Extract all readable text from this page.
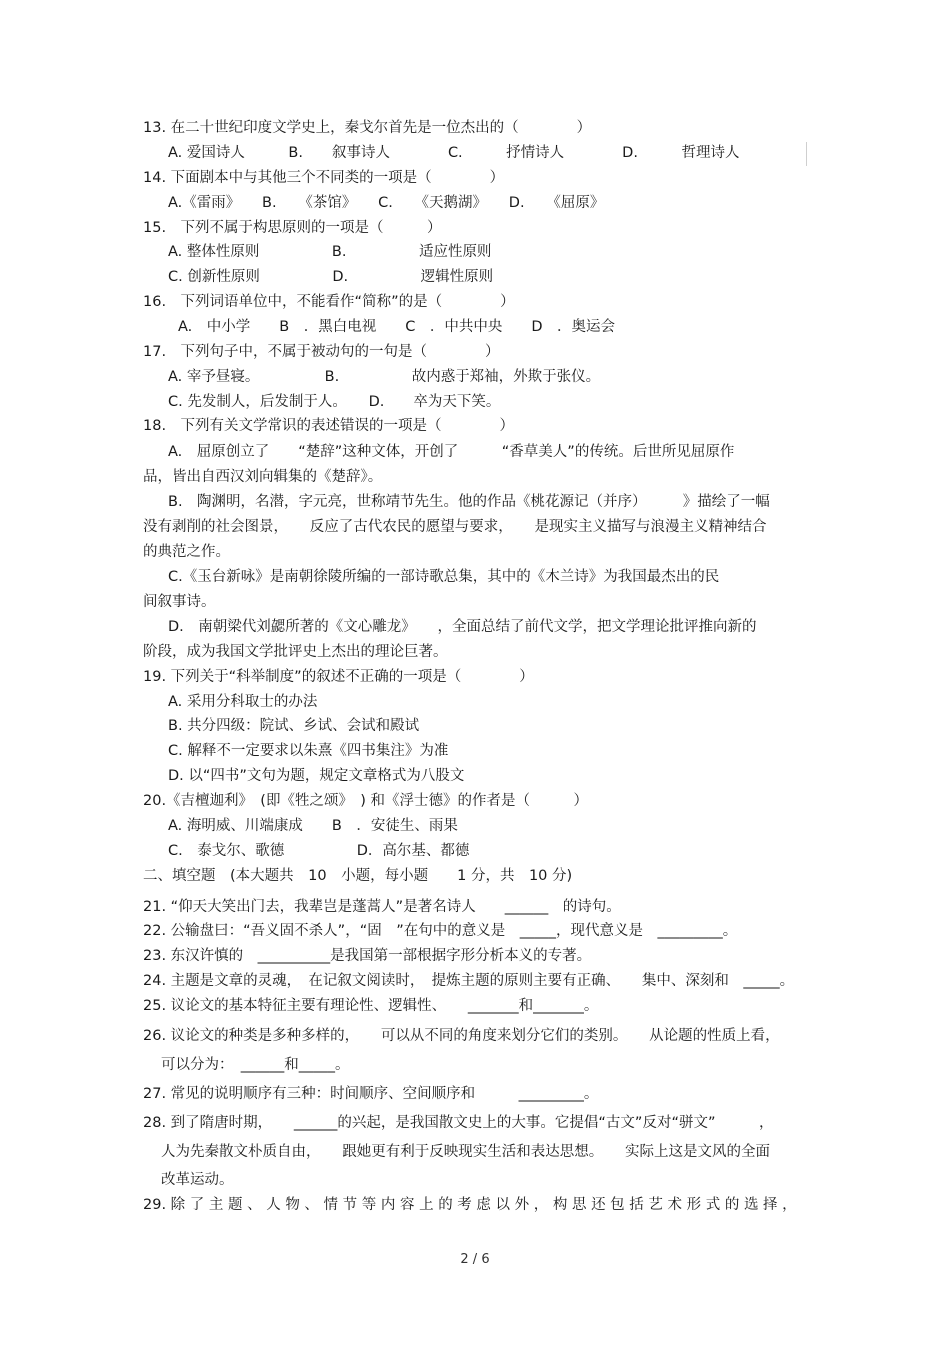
13. 在二十世纪印度文学史上，秦戈尔首先是一位杰出的（　　　　）
A. 爱国诗人　　　B.　　叙事诗人　　　　C.　　　抒情诗人　　　　D.　　　哲理诗人
14. 下面剧本中与其他三个不同类的一项是（　　　　）
A.《雷雨》　　B.　　《茶馆》　　C.　　《天鹅湖》　　D.　　《屈原》
15.　下列不属于构思原则的一项是（　　　）
A. 整体性原则　　　　　B.　　　　　适应性原则
C. 创新性原则　　　　　D.　　　　　逻辑性原则
16.　下列词语单位中，不能看作“简称”的是（　　　　）
A.　中小学　　B　．黑白电视　　C　．中共中央　　D　．奥运会
17.　下列句子中，不属于被动句的一句是（　　　　）
A. 宰予昼寝。　　　　　B.　　　　　故内惑于郑袖，外欺于张仪。
C. 先发制人，后发制于人。　　D.　　卒为天下笑。
18.　下列有关文学常识的表述错误的一项是（　　　　）
A.　屈原创立了　　“楚辞”这种文体，开创了　　　“香草美人”的传统。后世所见屈原作
品，皆出自西汉刘向辑集的《楚辞》。
B.　陶渊明，名潜，字元亮，世称靖节先生。他的作品《桃花源记（并序）　　　》描绘了一幅
没有剥削的社会图景，　　反应了古代农民的愿望与要求，　　是现实主义描写与浪漫主义精神结合
的典范之作。
C.《玉台新咏》是南朝徐陵所编的一部诗歌总集，其中的《木兰诗》为我国最杰出的民
间叙事诗。
D.　南朝梁代刘勰所著的《文心雕龙》　　，全面总结了前代文学，把文学理论批评推向新的
阶段，成为我国文学批评史上杰出的理论巨著。
19. 下列关于“科举制度”的叙述不正确的一项是（　　　　）
A. 采用分科取士的办法
B. 共分四级：院试、乡试、会试和殿试
C. 解释不一定要求以朱熹《四书集注》为准
D. 以“四书”文句为题，规定文章格式为八股文
20.《吉檀迦利》　(即《牲之颂》　) 和《浮士德》的作者是（　　　）
A. 海明威、川端康成　　B　．安徒生、雨果
C.　泰戈尔、歌德　　　　　D．高尔基、都德
二、填空题　(本大题共　10　小题，每小题　　1 分，共　10 分)
21. “仰天大笑出门去，我辈岂是蓬蒿人”是著名诗人　　______　的诗句。
22. 公输盘曰：“吾义固不杀人”，“固　”在句中的意义是　_____，现代意义是　_________。
23. 东汉许慎的　__________是我国第一部根据字形分析本义的专著。
24. 主题是文章的灵魂，　在记叙文阅读时，　提炼主题的原则主要有正确、　　集中、深刻和　_____。
25. 议论文的基本特征主要有理论性、逻辑性、　　_______和_______。
26. 议论文的种类是多种多样的，　　可以从不同的角度来划分它们的类别。　　从论题的性质上看，
可以分为：　______和_____。
27. 常见的说明顺序有三种：时间顺序、空间顺序和　　　_________。
28. 到了隋唐时期，　　______的兴起，是我国散文史上的大事。它提倡“古文”反对“骈文”　　　，
人为先秦散文朴质自由，　　跟她更有利于反映现实生活和表达思想。　　实际上这是文风的全面
改革运动。
29. 除 了 主 题 、 人 物 、 情 节 等 内 容 上 的 考 虑 以 外 ， 构 思 还 包 括 艺 术 形 式 的 选 择 ，
2 / 6
